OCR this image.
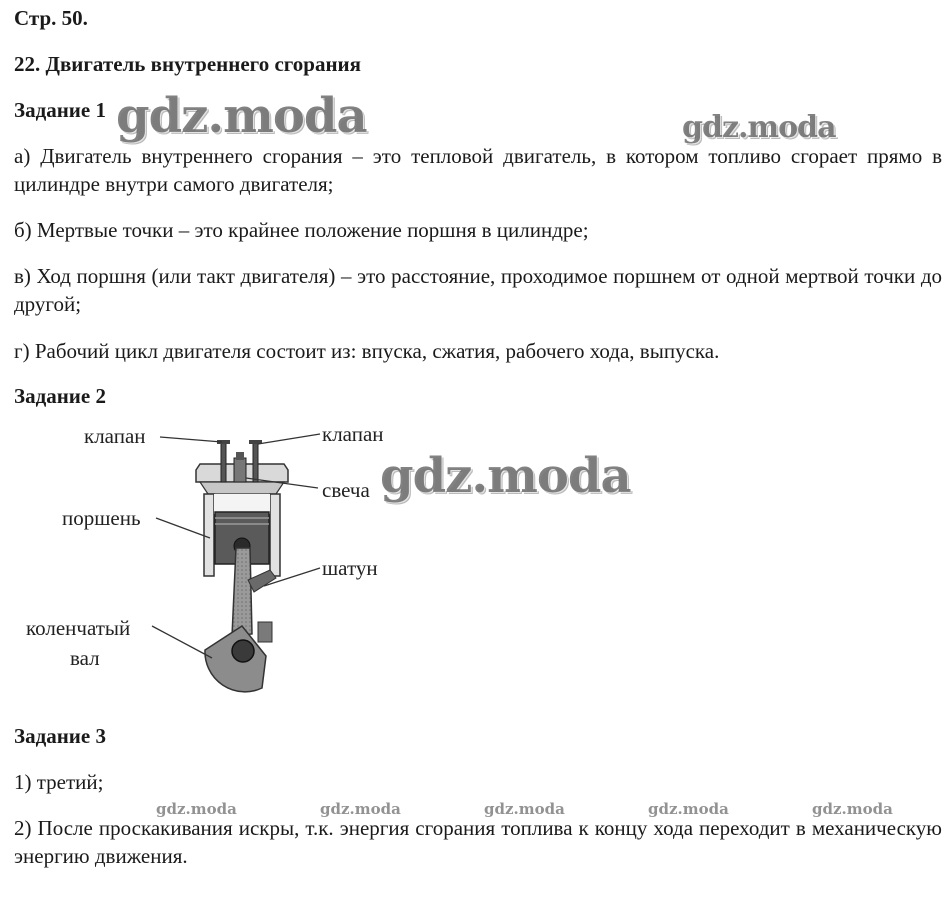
Стр. 50.
22. Двигатель внутреннего сгорания
Задание 1
а) Двигатель внутреннего сгорания – это тепловой двигатель, в котором топливо сгорает прямо в цилиндре внутри самого двигателя;
б) Мертвые точки – это крайнее положение поршня в цилиндре;
в) Ход поршня (или такт двигателя) – это расстояние, проходимое поршнем от одной мертвой точки до другой;
г) Рабочий цикл двигателя состоит из: впуска, сжатия, рабочего хода, выпуска.
Задание 2
клапан	клапан
свеча
поршень
шатун
коленчатый
вал
Задание 3
1) третий;
2) После проскакивания искры, т.к. энергия сгорания топлива к концу хода переходит в механическую энергию движения.
gdz.moda	gdz.moda
gdz.moda
gdz.moda	gdz.moda	gdz.moda	gdz.moda	gdz.moda
